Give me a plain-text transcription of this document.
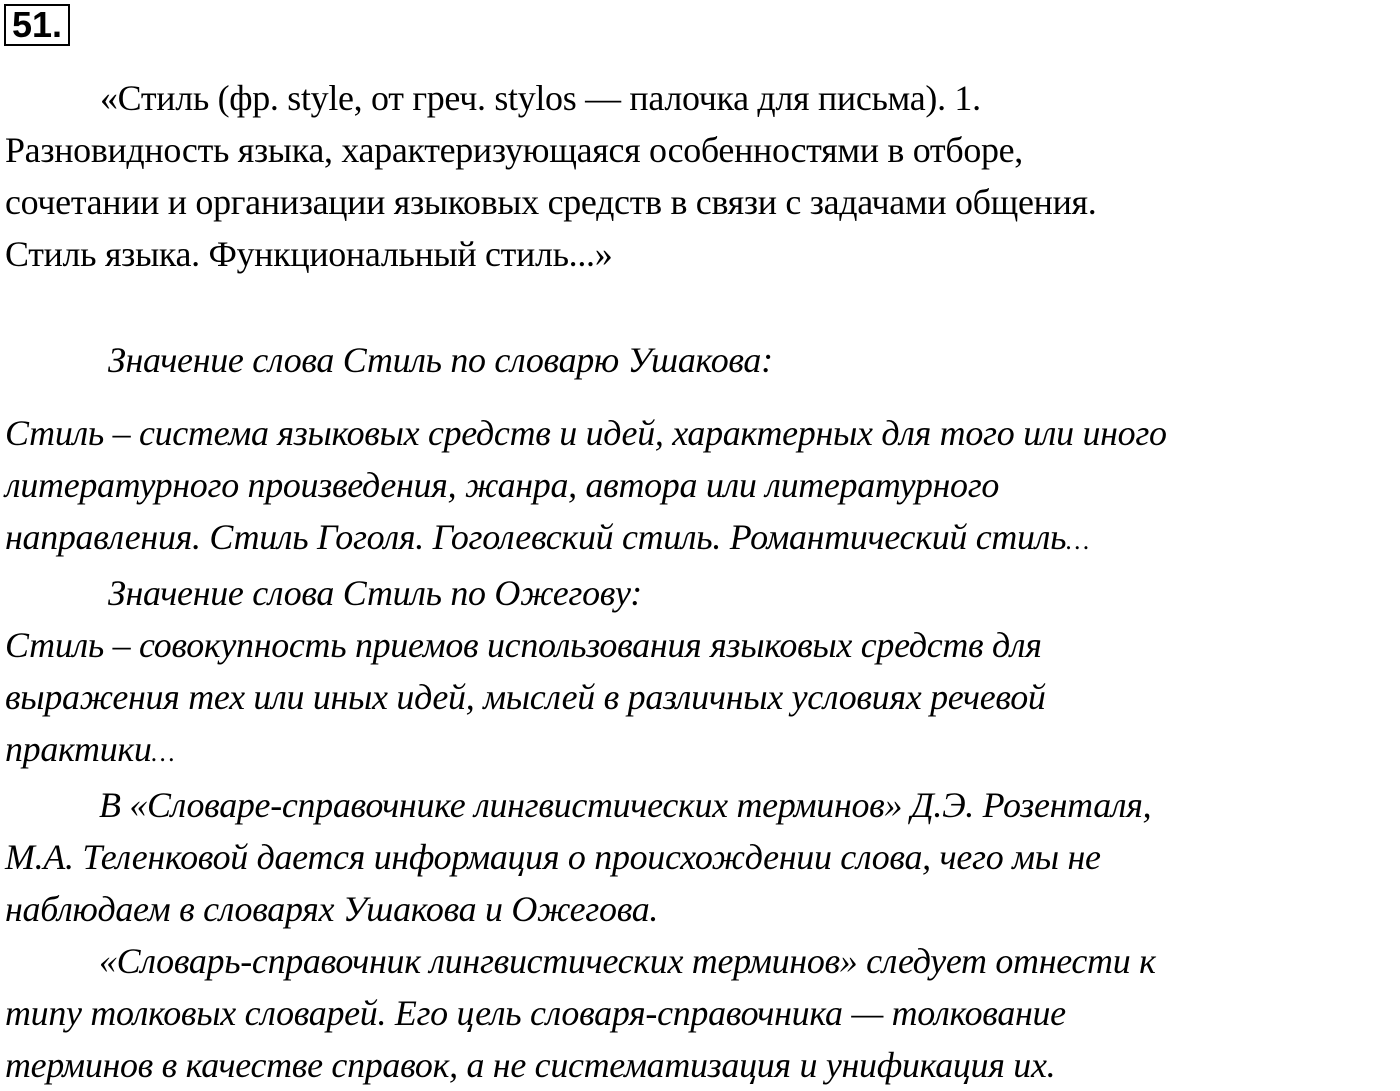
51.

«Стиль (фр. style, от греч. stylos — палочка для письма). 1.

Разновидность языка, характеризующаяся особенностями в отборе,

сочетании и организации языковых средств в связи с задачами общения.

Стиль языка. Функциональный стиль...»

Значение слова Стиль по словарю Ушакова:

Стиль – система языковых средств и идей, характерных для того или иного

литературного произведения, жанра, автора или литературного

направления. Стиль Гоголя. Гоголевский стиль. Романтический стиль…

Значение слова Стиль по Ожегову:

Стиль – совокупность приемов использования языковых средств для

выражения тех или иных идей, мыслей в различных условиях речевой

практики…

В «Словаре-справочнике лингвистических терминов» Д.Э. Розенталя,

М.А. Теленковой дается информация о происхождении слова, чего мы не

наблюдаем в словарях Ушакова и Ожегова.

«Словарь-справочник лингвистических терминов» следует отнести к

типу толковых словарей. Его цель словаря-справочника — толкование

терминов в качестве справок, а не систематизация и унификация их.
